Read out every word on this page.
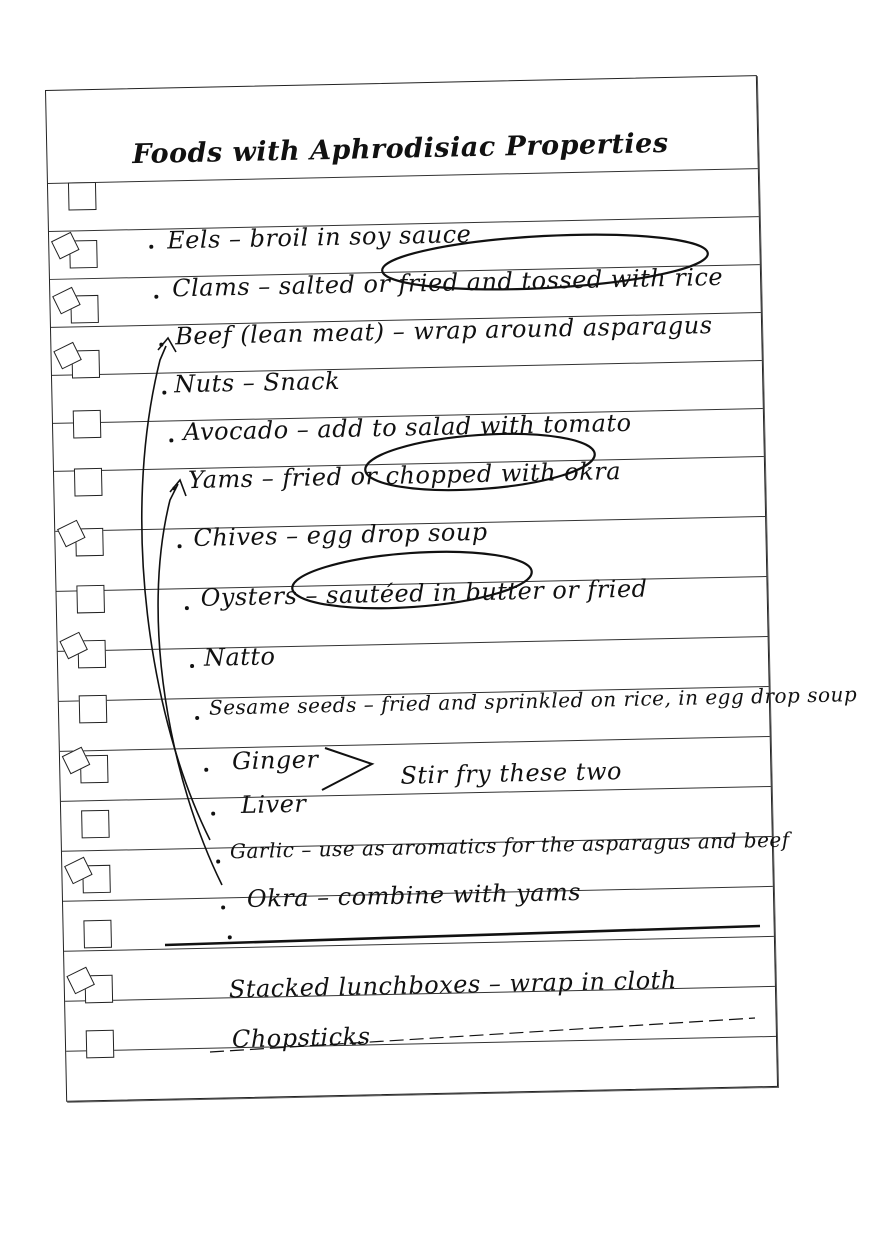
Foods with Aphrodisiac Properties
Eels – broil in soy sauce
Clams – salted or fried and tossed with rice
Beef (lean meat) – wrap around asparagus
Nuts – Snack
Avocado – add to salad with tomato
Yams – fried or chopped with okra
Chives – egg drop soup
Oysters – sautéed in butter or fried
Natto
Sesame seeds – fried and sprinkled on rice, in egg drop soup
Ginger
Liver
Stir fry these two
Garlic – use as aromatics for the asparagus and beef
Okra – combine with yams
Stacked lunchboxes – wrap in cloth
Chopsticks
